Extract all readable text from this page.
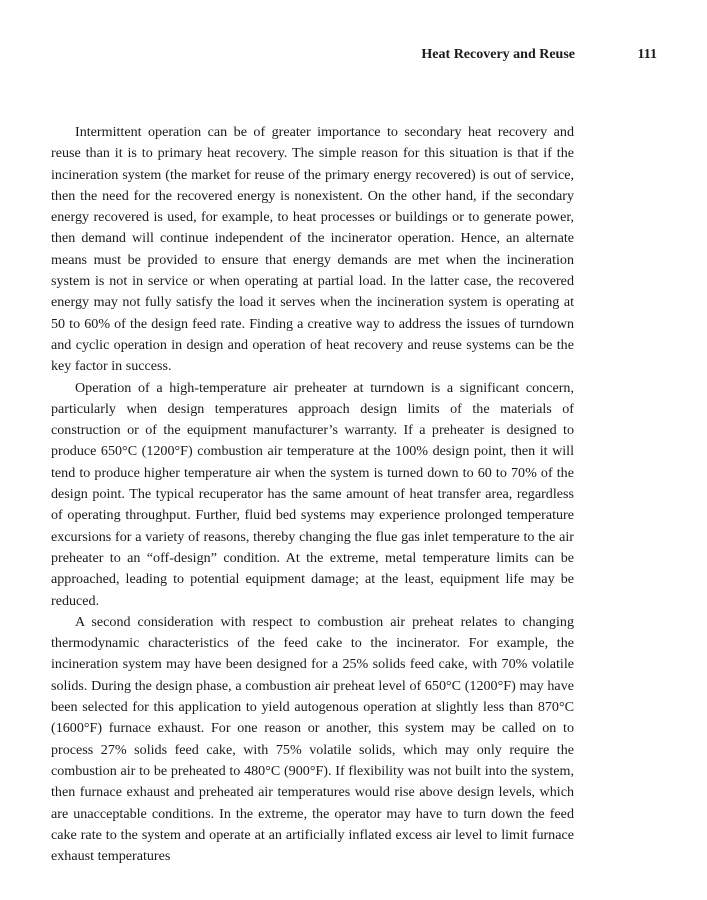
Heat Recovery and Reuse	111

Intermittent operation can be of greater importance to secondary heat recovery and reuse than it is to primary heat recovery. The simple reason for this situation is that if the incineration system (the market for reuse of the primary energy recovered) is out of service, then the need for the recovered energy is nonexistent. On the other hand, if the secondary energy recovered is used, for example, to heat processes or buildings or to generate power, then demand will continue independent of the incinerator operation. Hence, an alternate means must be provided to ensure that energy demands are met when the incineration system is not in service or when operating at partial load. In the latter case, the recovered energy may not fully satisfy the load it serves when the incineration system is operating at 50 to 60% of the design feed rate. Finding a creative way to address the issues of turndown and cyclic operation in design and operation of heat recovery and reuse systems can be the key factor in success.

Operation of a high-temperature air preheater at turndown is a significant concern, particularly when design temperatures approach design limits of the materials of construction or of the equipment manufacturer’s warranty. If a preheater is designed to produce 650°C (1200°F) combustion air temperature at the 100% design point, then it will tend to produce higher temperature air when the system is turned down to 60 to 70% of the design point. The typical recuperator has the same amount of heat transfer area, regardless of operating throughput. Further, fluid bed systems may experience prolonged temperature excursions for a variety of reasons, thereby changing the flue gas inlet temperature to the air preheater to an “off-design” condition. At the extreme, metal temperature limits can be approached, leading to potential equipment damage; at the least, equipment life may be reduced.

A second consideration with respect to combustion air preheat relates to changing thermodynamic characteristics of the feed cake to the incinerator. For example, the incineration system may have been designed for a 25% solids feed cake, with 70% volatile solids. During the design phase, a combustion air preheat level of 650°C (1200°F) may have been selected for this application to yield autogenous operation at slightly less than 870°C (1600°F) furnace exhaust. For one reason or another, this system may be called on to process 27% solids feed cake, with 75% volatile solids, which may only require the combustion air to be preheated to 480°C (900°F). If flexibility was not built into the system, then furnace exhaust and preheated air temperatures would rise above design levels, which are unacceptable conditions. In the extreme, the operator may have to turn down the feed cake rate to the system and operate at an artificially inflated excess air level to limit furnace exhaust temperatures
